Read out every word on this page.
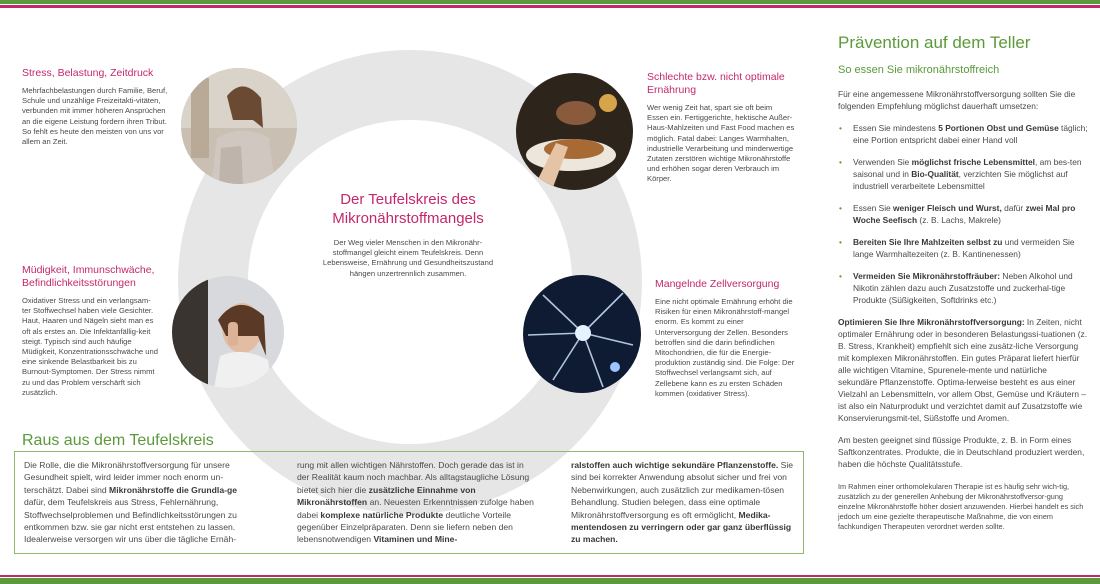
Stress, Belastung, Zeitdruck

Mehrfachbelastungen durch Familie, Beruf, Schule und unzählige Freizeitakti-vitäten, verbunden mit immer höheren Ansprüchen an die eigene Leistung fordern ihren Tribut. So fehlt es heute den meisten von uns vor allem an Zeit.

Schlechte bzw. nicht optimale Ernährung

Wer wenig Zeit hat, spart sie oft beim Essen ein. Fertiggerichte, hektische Außer-Haus-Mahlzeiten und Fast Food machen es möglich. Fatal dabei: Langes Warmhalten, industrielle Verarbeitung und minderwertige Zutaten zerstören wichtige Mikronährstoffe und erhöhen sogar deren Verbrauch im Körper.

Müdigkeit, Immunschwäche, Befindlichkeitsstörungen

Oxidativer Stress und ein verlangsam-ter Stoffwechsel haben viele Gesichter. Haut, Haaren und Nägeln sieht man es oft als erstes an. Die Infektanfällig-keit steigt. Typisch sind auch häufige Müdigkeit, Konzentrationsschwäche und eine sinkende Belastbarkeit bis zu Burnout-Symptomen. Der Stress nimmt zu und das Problem verschärft sich zusätzlich.

Mangelnde Zellversorgung

Eine nicht optimale Ernährung erhöht die Risiken für einen Mikronährstoff-mangel enorm. Es kommt zu einer Unterversorgung der Zellen. Besonders betroffen sind die darin befindlichen Mitochondrien, die für die Energie-produktion zuständig sind. Die Folge: Der Stoffwechsel verlangsamt sich, auf Zellebene kann es zu ersten Schäden kommen (oxidativer Stress).

Der Teufelskreis des Mikronährstoffmangels
Der Weg vieler Menschen in den Mikronähr-stoffmangel gleicht einem Teufelskreis. Denn Lebensweise, Ernährung und Gesundheitszustand hängen unzertrennlich zusammen.
Raus aus dem Teufelskreis
Die Rolle, die die Mikronährstoffversorgung für unsere Gesundheit spielt, wird leider immer noch enorm un-terschätzt. Dabei sind Mikronährstoffe die Grundla-ge dafür, dem Teufelskreis aus Stress, Fehlernährung, Stoffwechselproblemen und Befindlichkeitsstörungen zu entkommen bzw. sie gar nicht erst entstehen zu lassen. Idealerweise versorgen wir uns über die tägliche Ernäh-
rung mit allen wichtigen Nährstoffen. Doch gerade das ist in der Realität kaum noch machbar. Als alltagstaugliche Lösung bietet sich hier die zusätzliche Einnahme von Mikronährstoffen an. Neuesten Erkenntnissen zufolge haben dabei komplexe natürliche Produkte deutliche Vorteile gegenüber Einzelpräparaten. Denn sie liefern neben den lebensnotwendigen Vitaminen und Mine-
ralstoffen auch wichtige sekundäre Pflanzenstoffe. Sie sind bei korrekter Anwendung absolut sicher und frei von Nebenwirkungen, auch zusätzlich zur medikamen-tösen Behandlung. Studien belegen, dass eine optimale Mikronährstoffversorgung es oft ermöglicht, Medika-mentendosen zu verringern oder gar ganz überflüssig zu machen.
Prävention auf dem Teller
So essen Sie mikronährstoffreich

Für eine angemessene Mikronährstoffversorgung sollten Sie die folgenden Empfehlung möglichst dauerhaft umsetzen:

• Essen Sie mindestens 5 Portionen Obst und Gemüse täglich; eine Portion entspricht dabei einer Hand voll
• Verwenden Sie möglichst frische Lebensmittel, am bes-ten saisonal und in Bio-Qualität, verzichten Sie möglichst auf industriell verarbeitete Lebensmittel
• Essen Sie weniger Fleisch und Wurst, dafür zwei Mal pro Woche Seefisch (z. B. Lachs, Makrele)
• Bereiten Sie Ihre Mahlzeiten selbst zu und vermeiden Sie lange Warmhaltezeiten (z. B. Kantinenessen)
• Vermeiden Sie Mikronährstoffräuber: Neben Alkohol und Nikotin zählen dazu auch Zusatzstoffe und zuckerhal-tige Produkte (Süßigkeiten, Softdrinks etc.)

Optimieren Sie Ihre Mikronährstoffversorgung: In Zeiten, nicht optimaler Ernährung oder in besonderen Belastungssi-tuationen (z. B. Stress, Krankheit) empfiehlt sich eine zusätz-liche Versorgung mit komplexen Mikronährstoffen. Ein gutes Präparat liefert hierfür alle wichtigen Vitamine, Spurenele-mente und natürliche sekundäre Pflanzenstoffe. Optima-lerweise besteht es aus einer Vielzahl an Lebensmitteln, vor allem Obst, Gemüse und Kräutern – ist also ein Naturprodukt und verzichtet damit auf Zusatzstoffe wie Konservierungsmit-tel, Süßstoffe und Aromen.

Am besten geeignet sind flüssige Produkte, z. B. in Form eines Saftkonzentrates. Produkte, die in Deutschland produziert werden, haben die höchste Qualitätsstufe.

Im Rahmen einer orthomolekularen Therapie ist es häufig sehr wich-tig, zusätzlich zu der generellen Anhebung der Mikronährstoffversor-gung einzelne Mikronährstoffe höher dosiert anzuwenden. Hierbei handelt es sich jedoch um eine gezielte therapeutische Maßnahme, die von einem fachkundigen Therapeuten verordnet werden sollte.
